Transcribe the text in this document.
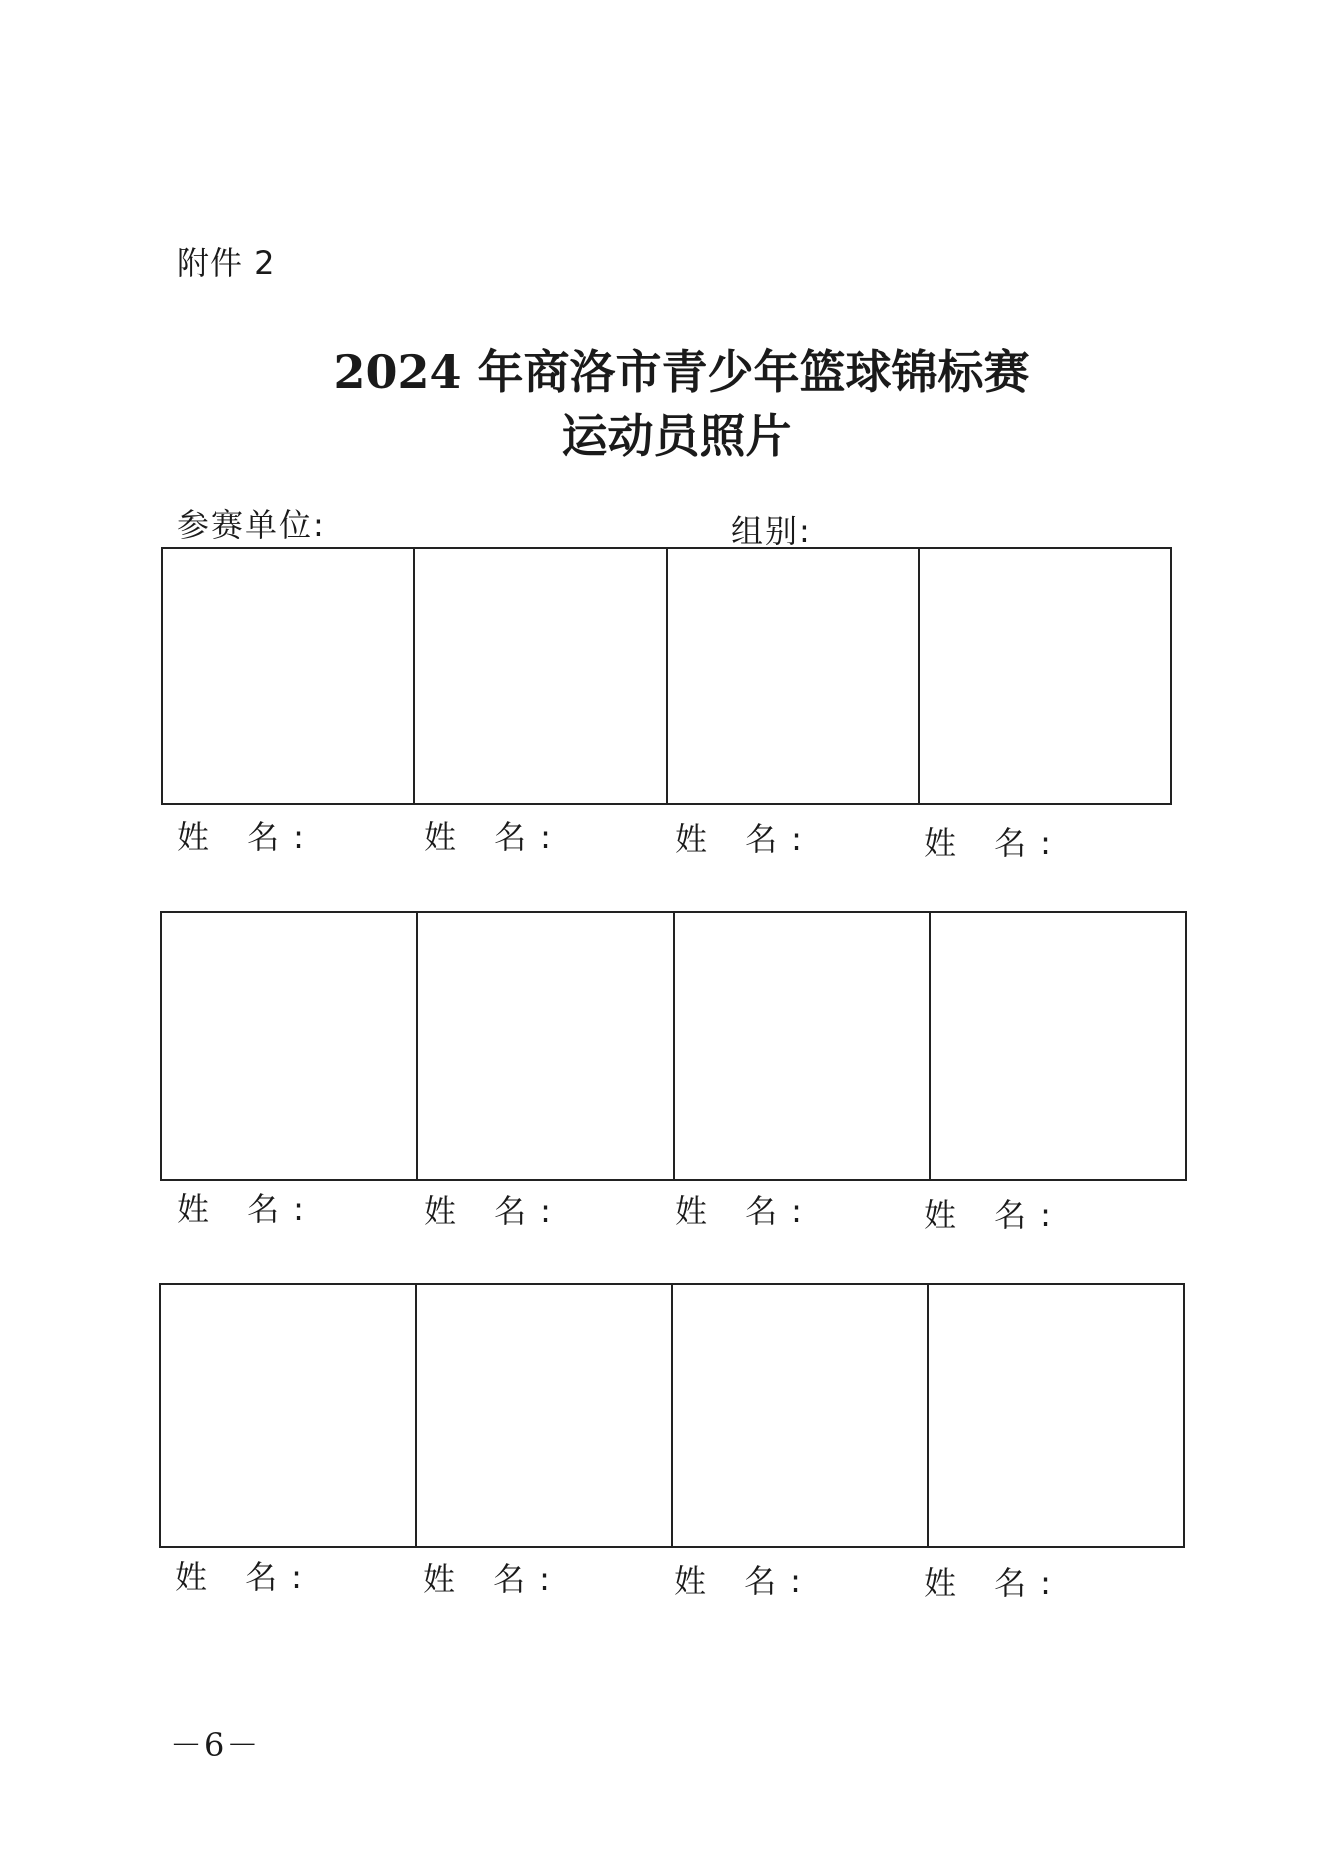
附件 2
2024 年商洛市青少年篮球锦标赛
运动员照片
参赛单位:	组别:
姓 名:	姓 名:	姓 名:	姓 名:
姓 名:	姓 名:	姓 名:	姓 名:
姓 名:	姓 名:	姓 名:	姓 名:
－6－
